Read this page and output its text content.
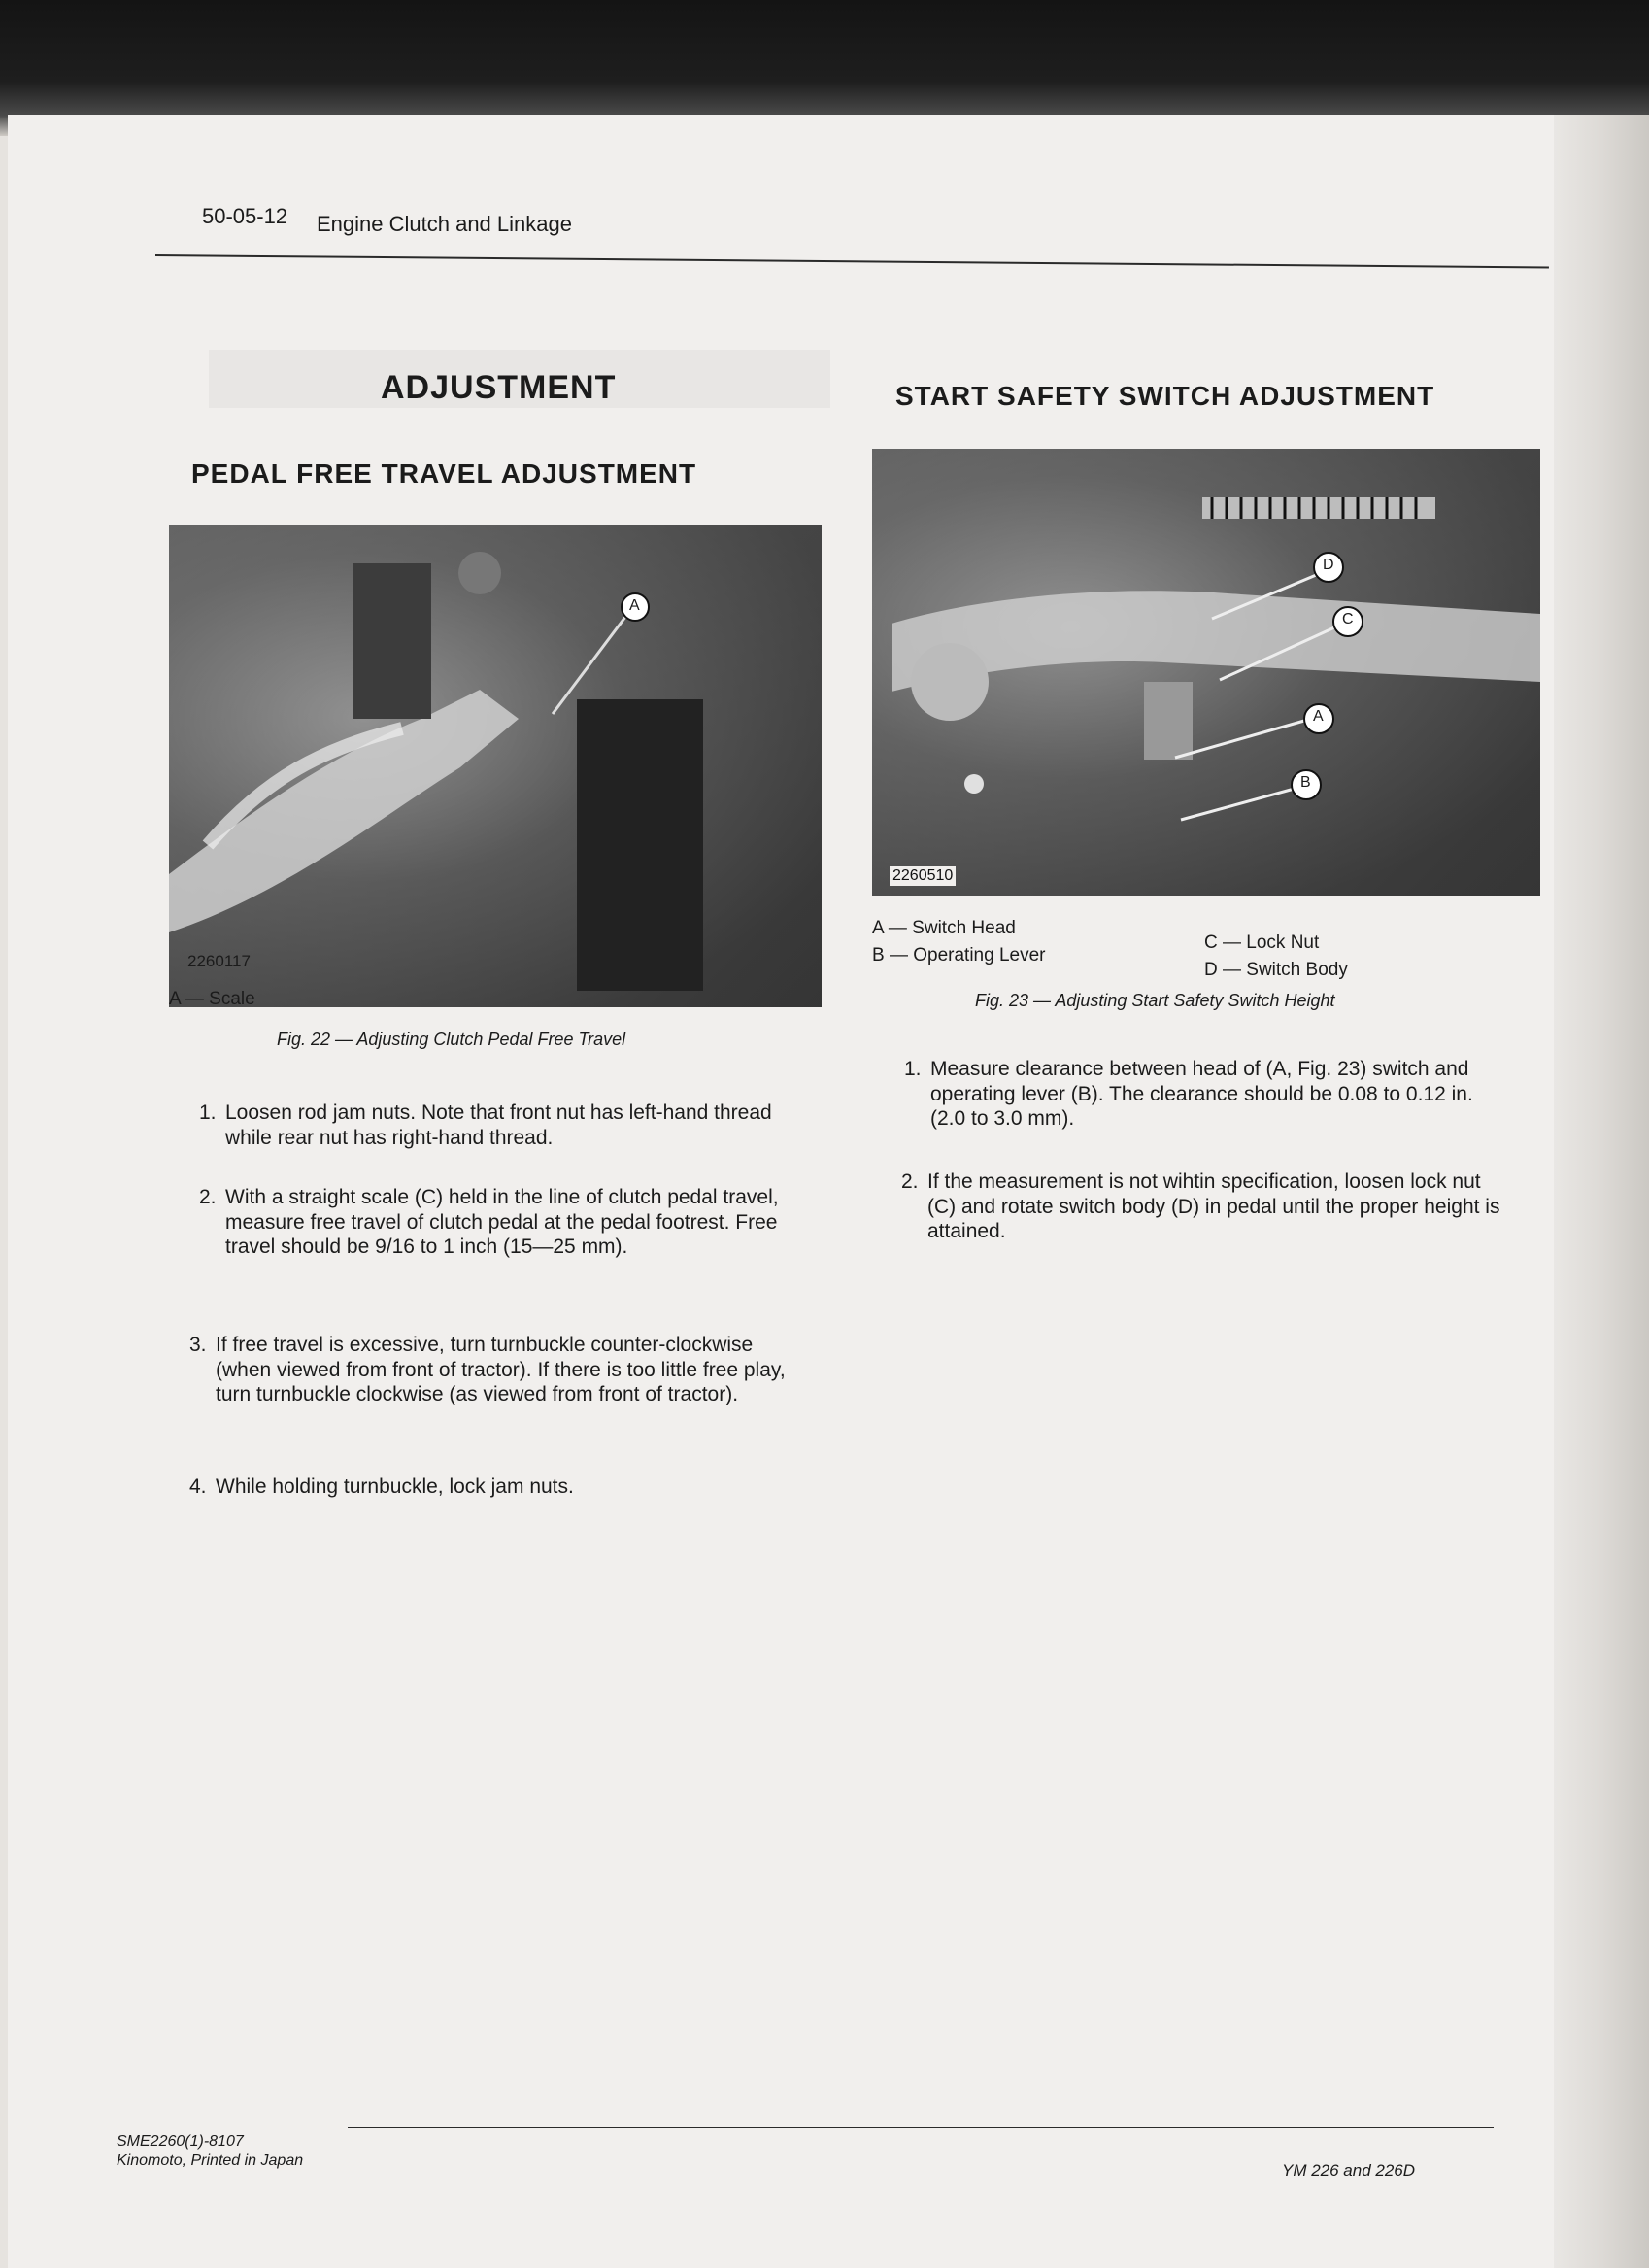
50-05-12 Engine Clutch and Linkage
ADJUSTMENT
PEDAL FREE TRAVEL ADJUSTMENT
A
2260117
A — Scale
Fig. 22 — Adjusting Clutch Pedal Free Travel
1. Loosen rod jam nuts. Note that front nut has left-hand thread while rear nut has right-hand thread.
2. With a straight scale (C) held in the line of clutch pedal travel, measure free travel of clutch pedal at the pedal footrest. Free travel should be 9/16 to 1 inch (15—25 mm).
3. If free travel is excessive, turn turnbuckle counter-clockwise (when viewed from front of tractor). If there is too little free play, turn turnbuckle clockwise (as viewed from front of tractor).
4. While holding turnbuckle, lock jam nuts.
START SAFETY SWITCH ADJUSTMENT
D
C
A
B
2260510
A — Switch Head
B — Operating Lever
C — Lock Nut
D — Switch Body
Fig. 23 — Adjusting Start Safety Switch Height
1. Measure clearance between head of (A, Fig. 23) switch and operating lever (B). The clearance should be 0.08 to 0.12 in. (2.0 to 3.0 mm).
2. If the measurement is not wihtin specification, loosen lock nut (C) and rotate switch body (D) in pedal until the proper height is attained.
SME2260(1)-8107
Kinomoto, Printed in Japan
YM 226 and 226D
